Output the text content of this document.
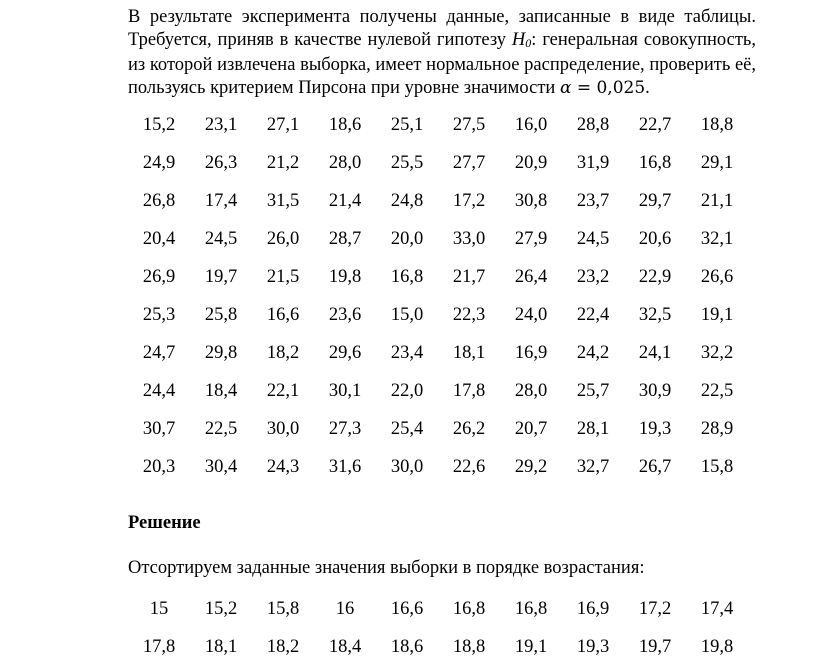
В результате эксперимента получены данные, записанные в виде таблицы. Требуется, приняв в качестве нулевой гипотезу $H_0$: генеральная совокупность, из которой извлечена выборка, имеет нормальное распределение, проверить её, пользуясь критерием Пирсона при уровне значимости α = 0,025.
15,2	23,1	27,1	18,6	25,1	27,5	16,0	28,8	22,7	18,8
24,9	26,3	21,2	28,0	25,5	27,7	20,9	31,9	16,8	29,1
26,8	17,4	31,5	21,4	24,8	17,2	30,8	23,7	29,7	21,1
20,4	24,5	26,0	28,7	20,0	33,0	27,9	24,5	20,6	32,1
26,9	19,7	21,5	19,8	16,8	21,7	26,4	23,2	22,9	26,6
25,3	25,8	16,6	23,6	15,0	22,3	24,0	22,4	32,5	19,1
24,7	29,8	18,2	29,6	23,4	18,1	16,9	24,2	24,1	32,2
24,4	18,4	22,1	30,1	22,0	17,8	28,0	25,7	30,9	22,5
30,7	22,5	30,0	27,3	25,4	26,2	20,7	28,1	19,3	28,9
20,3	30,4	24,3	31,6	30,0	22,6	29,2	32,7	26,7	15,8
Решение
Отсортируем заданные значения выборки в порядке возрастания:
15	15,2	15,8	16	16,6	16,8	16,8	16,9	17,2	17,4
17,8	18,1	18,2	18,4	18,6	18,8	19,1	19,3	19,7	19,8
